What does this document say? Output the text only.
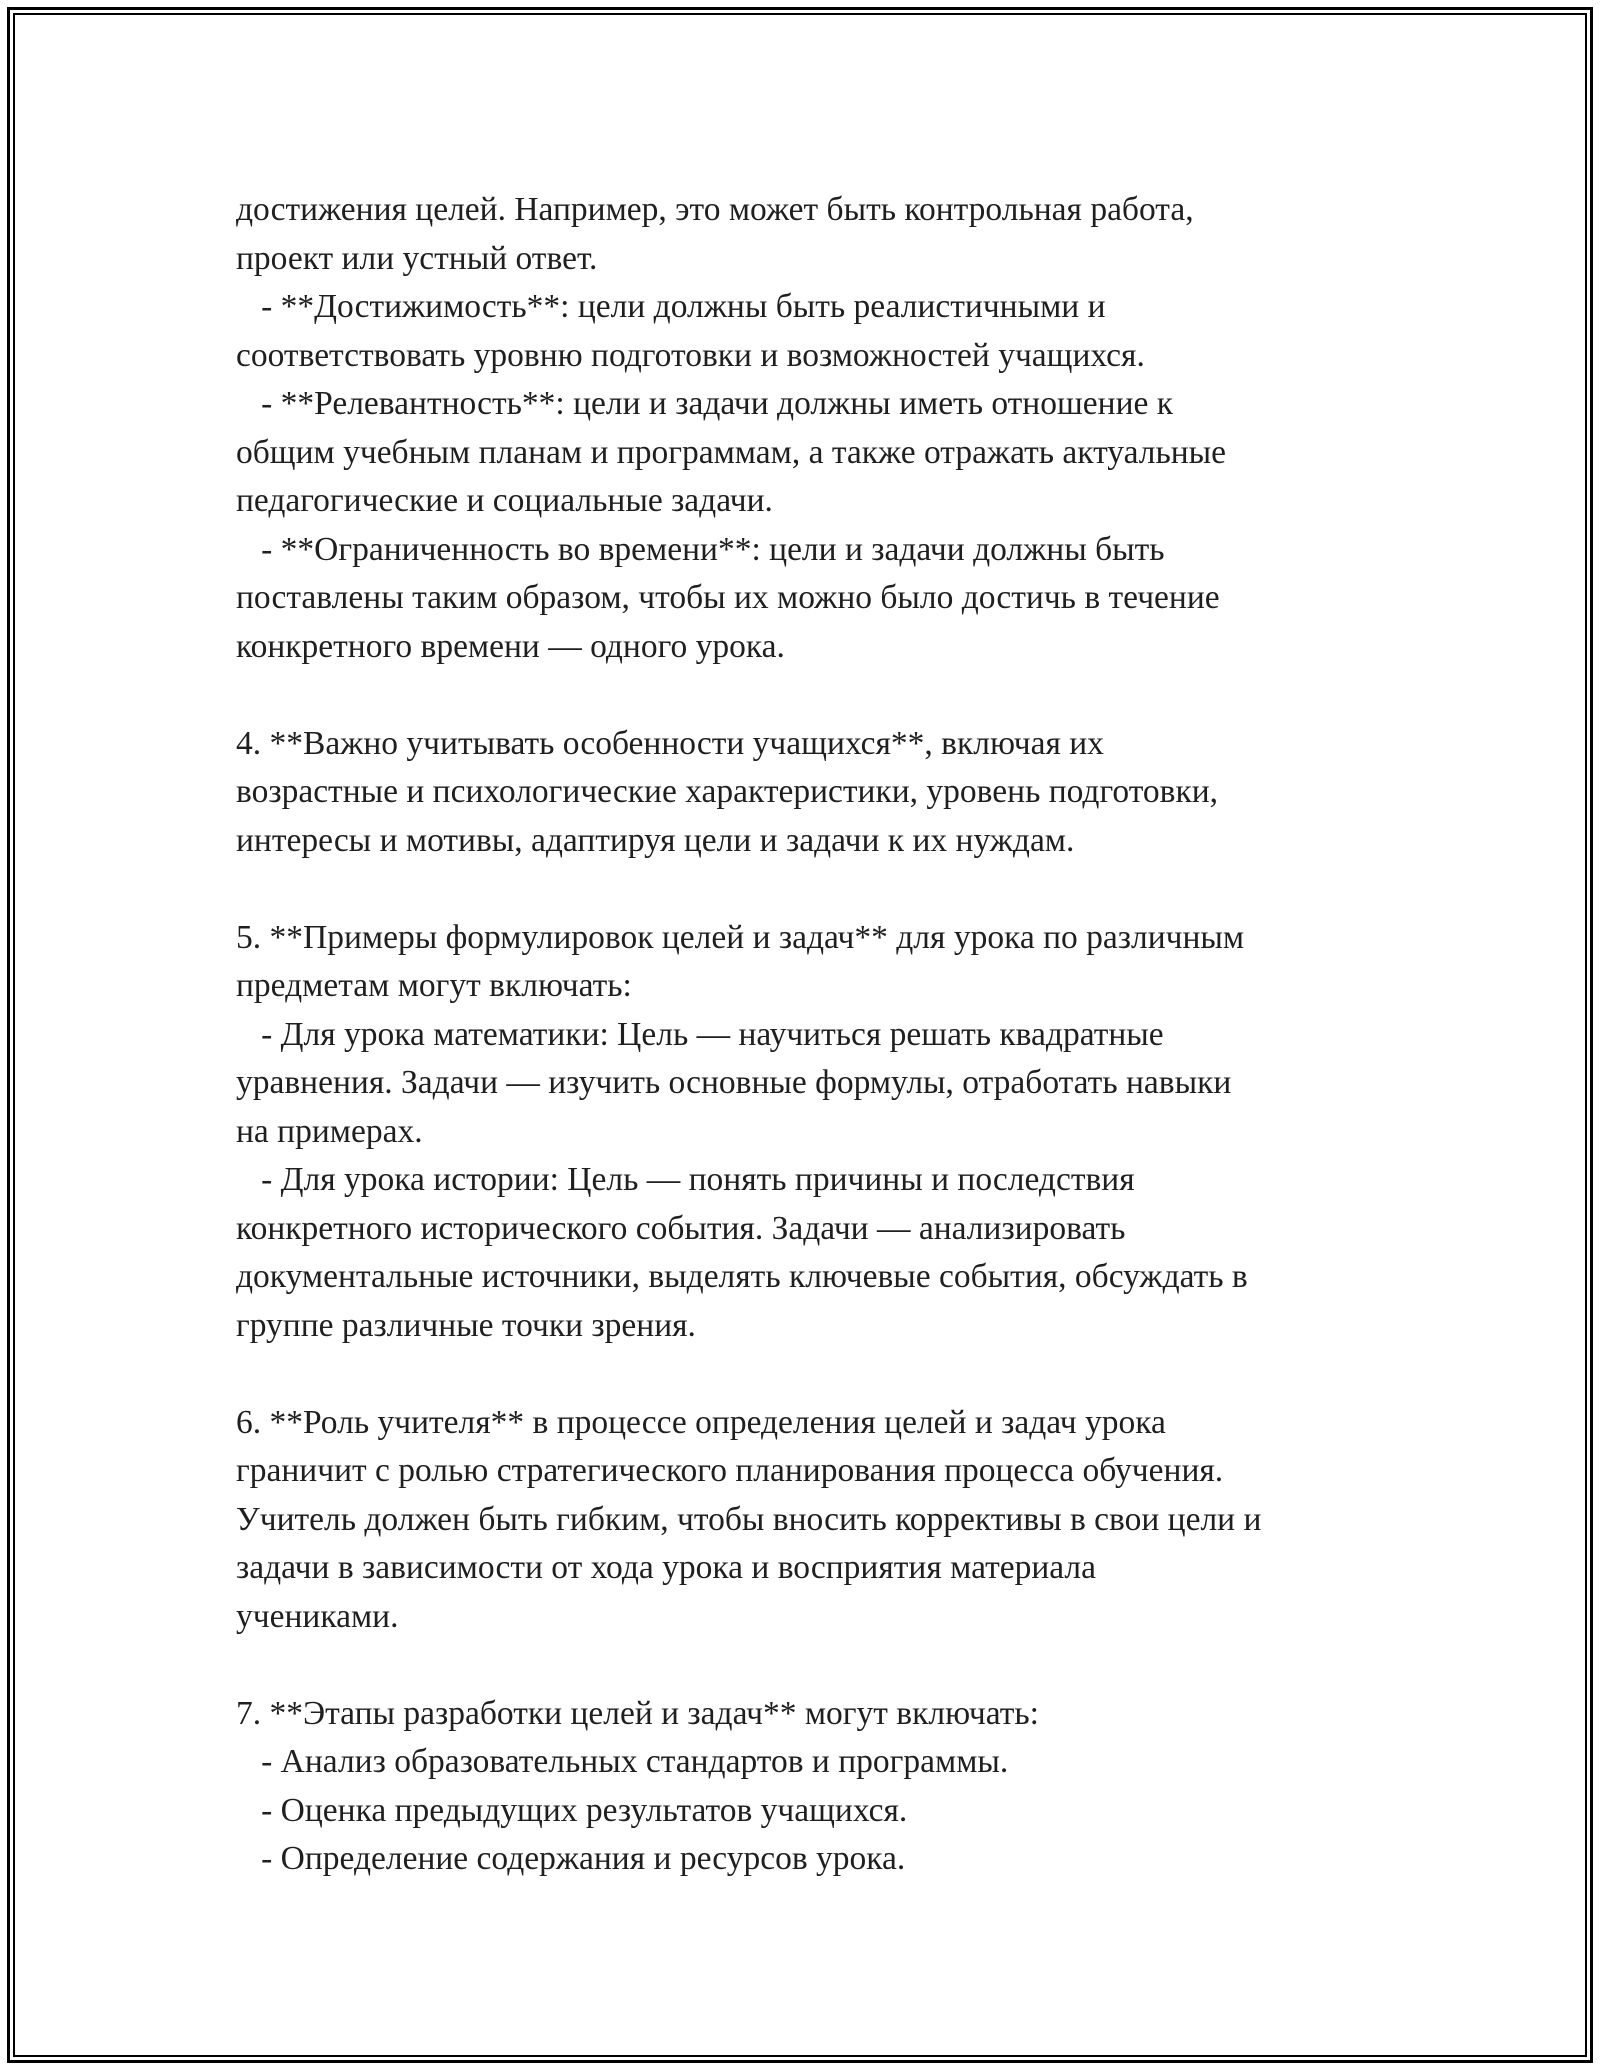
достижения целей. Например, это может быть контрольная работа,
проект или устный ответ.
- **Достижимость**: цели должны быть реалистичными и
соответствовать уровню подготовки и возможностей учащихся.
- **Релевантность**: цели и задачи должны иметь отношение к
общим учебным планам и программам, а также отражать актуальные
педагогические и социальные задачи.
- **Ограниченность во времени**: цели и задачи должны быть
поставлены таким образом, чтобы их можно было достичь в течение
конкретного времени — одного урока.
4. **Важно учитывать особенности учащихся**, включая их
возрастные и психологические характеристики, уровень подготовки,
интересы и мотивы, адаптируя цели и задачи к их нуждам.
5. **Примеры формулировок целей и задач** для урока по различным
предметам могут включать:
- Для урока математики: Цель — научиться решать квадратные
уравнения. Задачи — изучить основные формулы, отработать навыки
на примерах.
- Для урока истории: Цель — понять причины и последствия
конкретного исторического события. Задачи — анализировать
документальные источники, выделять ключевые события, обсуждать в
группе различные точки зрения.
6. **Роль учителя** в процессе определения целей и задач урока
граничит с ролью стратегического планирования процесса обучения.
Учитель должен быть гибким, чтобы вносить коррективы в свои цели и
задачи в зависимости от хода урока и восприятия материала
учениками.
7. **Этапы разработки целей и задач** могут включать:
- Анализ образовательных стандартов и программы.
- Оценка предыдущих результатов учащихся.
- Определение содержания и ресурсов урока.
